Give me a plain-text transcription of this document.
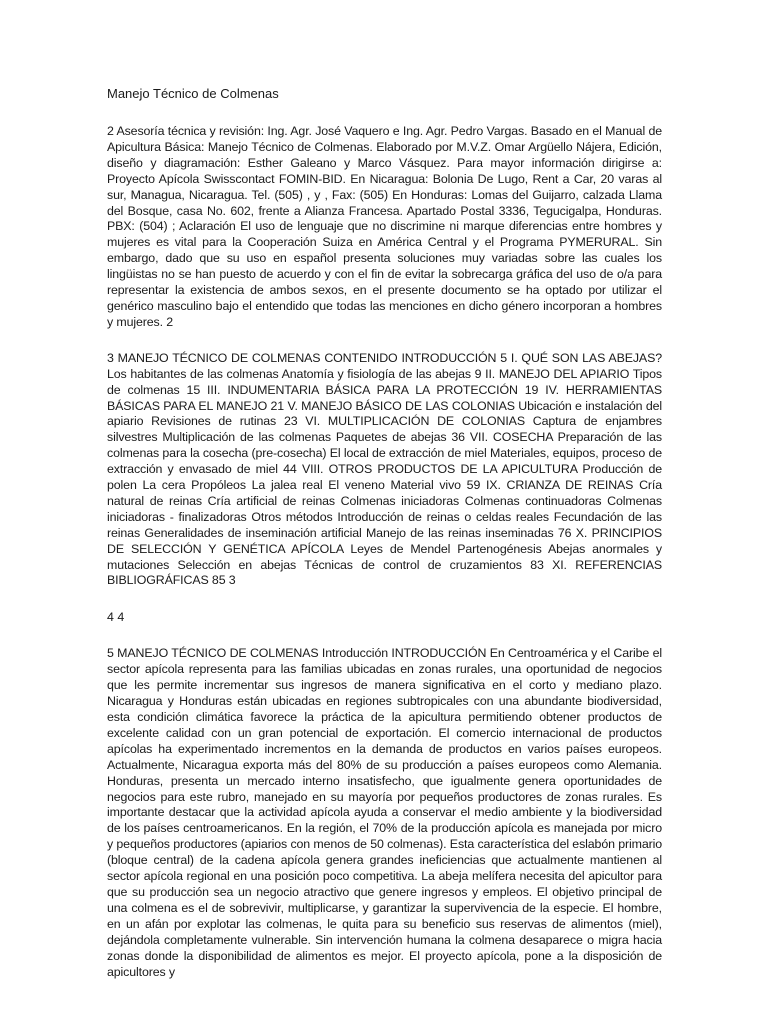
Manejo Técnico de Colmenas

2 Asesoría técnica y revisión: Ing. Agr. José Vaquero e Ing. Agr. Pedro Vargas. Basado en el Manual de Apicultura Básica: Manejo Técnico de Colmenas. Elaborado por M.V.Z. Omar Argüello Nájera, Edición, diseño y diagramación: Esther Galeano y Marco Vásquez. Para mayor información dirigirse a: Proyecto Apícola Swisscontact FOMIN-BID. En Nicaragua: Bolonia De Lugo, Rent a Car, 20 varas al sur, Managua, Nicaragua. Tel. (505) , y , Fax: (505) En Honduras: Lomas del Guijarro, calzada Llama del Bosque, casa No. 602, frente a Alianza Francesa. Apartado Postal 3336, Tegucigalpa, Honduras. PBX: (504) ; Aclaración El uso de lenguaje que no discrimine ni marque diferencias entre hombres y mujeres es vital para la Cooperación Suiza en América Central y el Programa PYMERURAL. Sin embargo, dado que su uso en español presenta soluciones muy variadas sobre las cuales los lingüistas no se han puesto de acuerdo y con el fin de evitar la sobrecarga gráfica del uso de o/a para representar la existencia de ambos sexos, en el presente documento se ha optado por utilizar el genérico masculino bajo el entendido que todas las menciones en dicho género incorporan a hombres y mujeres. 2

3 MANEJO TÉCNICO DE COLMENAS CONTENIDO INTRODUCCIÓN 5 I. QUÉ SON LAS ABEJAS? Los habitantes de las colmenas Anatomía y fisiología de las abejas 9 II. MANEJO DEL APIARIO Tipos de colmenas 15 III. INDUMENTARIA BÁSICA PARA LA PROTECCIÓN 19 IV. HERRAMIENTAS BÁSICAS PARA EL MANEJO 21 V. MANEJO BÁSICO DE LAS COLONIAS Ubicación e instalación del apiario Revisiones de rutinas 23 VI. MULTIPLICACIÓN DE COLONIAS Captura de enjambres silvestres Multiplicación de las colmenas Paquetes de abejas 36 VII. COSECHA Preparación de las colmenas para la cosecha (pre-cosecha) El local de extracción de miel Materiales, equipos, proceso de extracción y envasado de miel 44 VIII. OTROS PRODUCTOS DE LA APICULTURA Producción de polen La cera Propóleos La jalea real El veneno Material vivo 59 IX. CRIANZA DE REINAS Cría natural de reinas Cría artificial de reinas Colmenas iniciadoras Colmenas continuadoras Colmenas iniciadoras - finalizadoras Otros métodos Introducción de reinas o celdas reales Fecundación de las reinas Generalidades de inseminación artificial Manejo de las reinas inseminadas 76 X. PRINCIPIOS DE SELECCIÓN Y GENÉTICA APÍCOLA Leyes de Mendel Partenogénesis Abejas anormales y mutaciones Selección en abejas Técnicas de control de cruzamientos 83 XI. REFERENCIAS BIBLIOGRÁFICAS 85 3

4 4

5 MANEJO TÉCNICO DE COLMENAS Introducción INTRODUCCIÓN En Centroamérica y el Caribe el sector apícola representa para las familias ubicadas en zonas rurales, una oportunidad de negocios que les permite incrementar sus ingresos de manera significativa en el corto y mediano plazo. Nicaragua y Honduras están ubicadas en regiones subtropicales con una abundante biodiversidad, esta condición climática favorece la práctica de la apicultura permitiendo obtener productos de excelente calidad con un gran potencial de exportación. El comercio internacional de productos apícolas ha experimentado incrementos en la demanda de productos en varios países europeos. Actualmente, Nicaragua exporta más del 80% de su producción a países europeos como Alemania. Honduras, presenta un mercado interno insatisfecho, que igualmente genera oportunidades de negocios para este rubro, manejado en su mayoría por pequeños productores de zonas rurales. Es importante destacar que la actividad apícola ayuda a conservar el medio ambiente y la biodiversidad de los países centroamericanos. En la región, el 70% de la producción apícola es manejada por micro y pequeños productores (apiarios con menos de 50 colmenas). Esta característica del eslabón primario (bloque central) de la cadena apícola genera grandes ineficiencias que actualmente mantienen al sector apícola regional en una posición poco competitiva. La abeja melífera necesita del apicultor para que su producción sea un negocio atractivo que genere ingresos y empleos. El objetivo principal de una colmena es el de sobrevivir, multiplicarse, y garantizar la supervivencia de la especie. El hombre, en un afán por explotar las colmenas, le quita para su beneficio sus reservas de alimentos (miel), dejándola completamente vulnerable. Sin intervención humana la colmena desaparece o migra hacia zonas donde la disponibilidad de alimentos es mejor. El proyecto apícola, pone a la disposición de apicultores y
